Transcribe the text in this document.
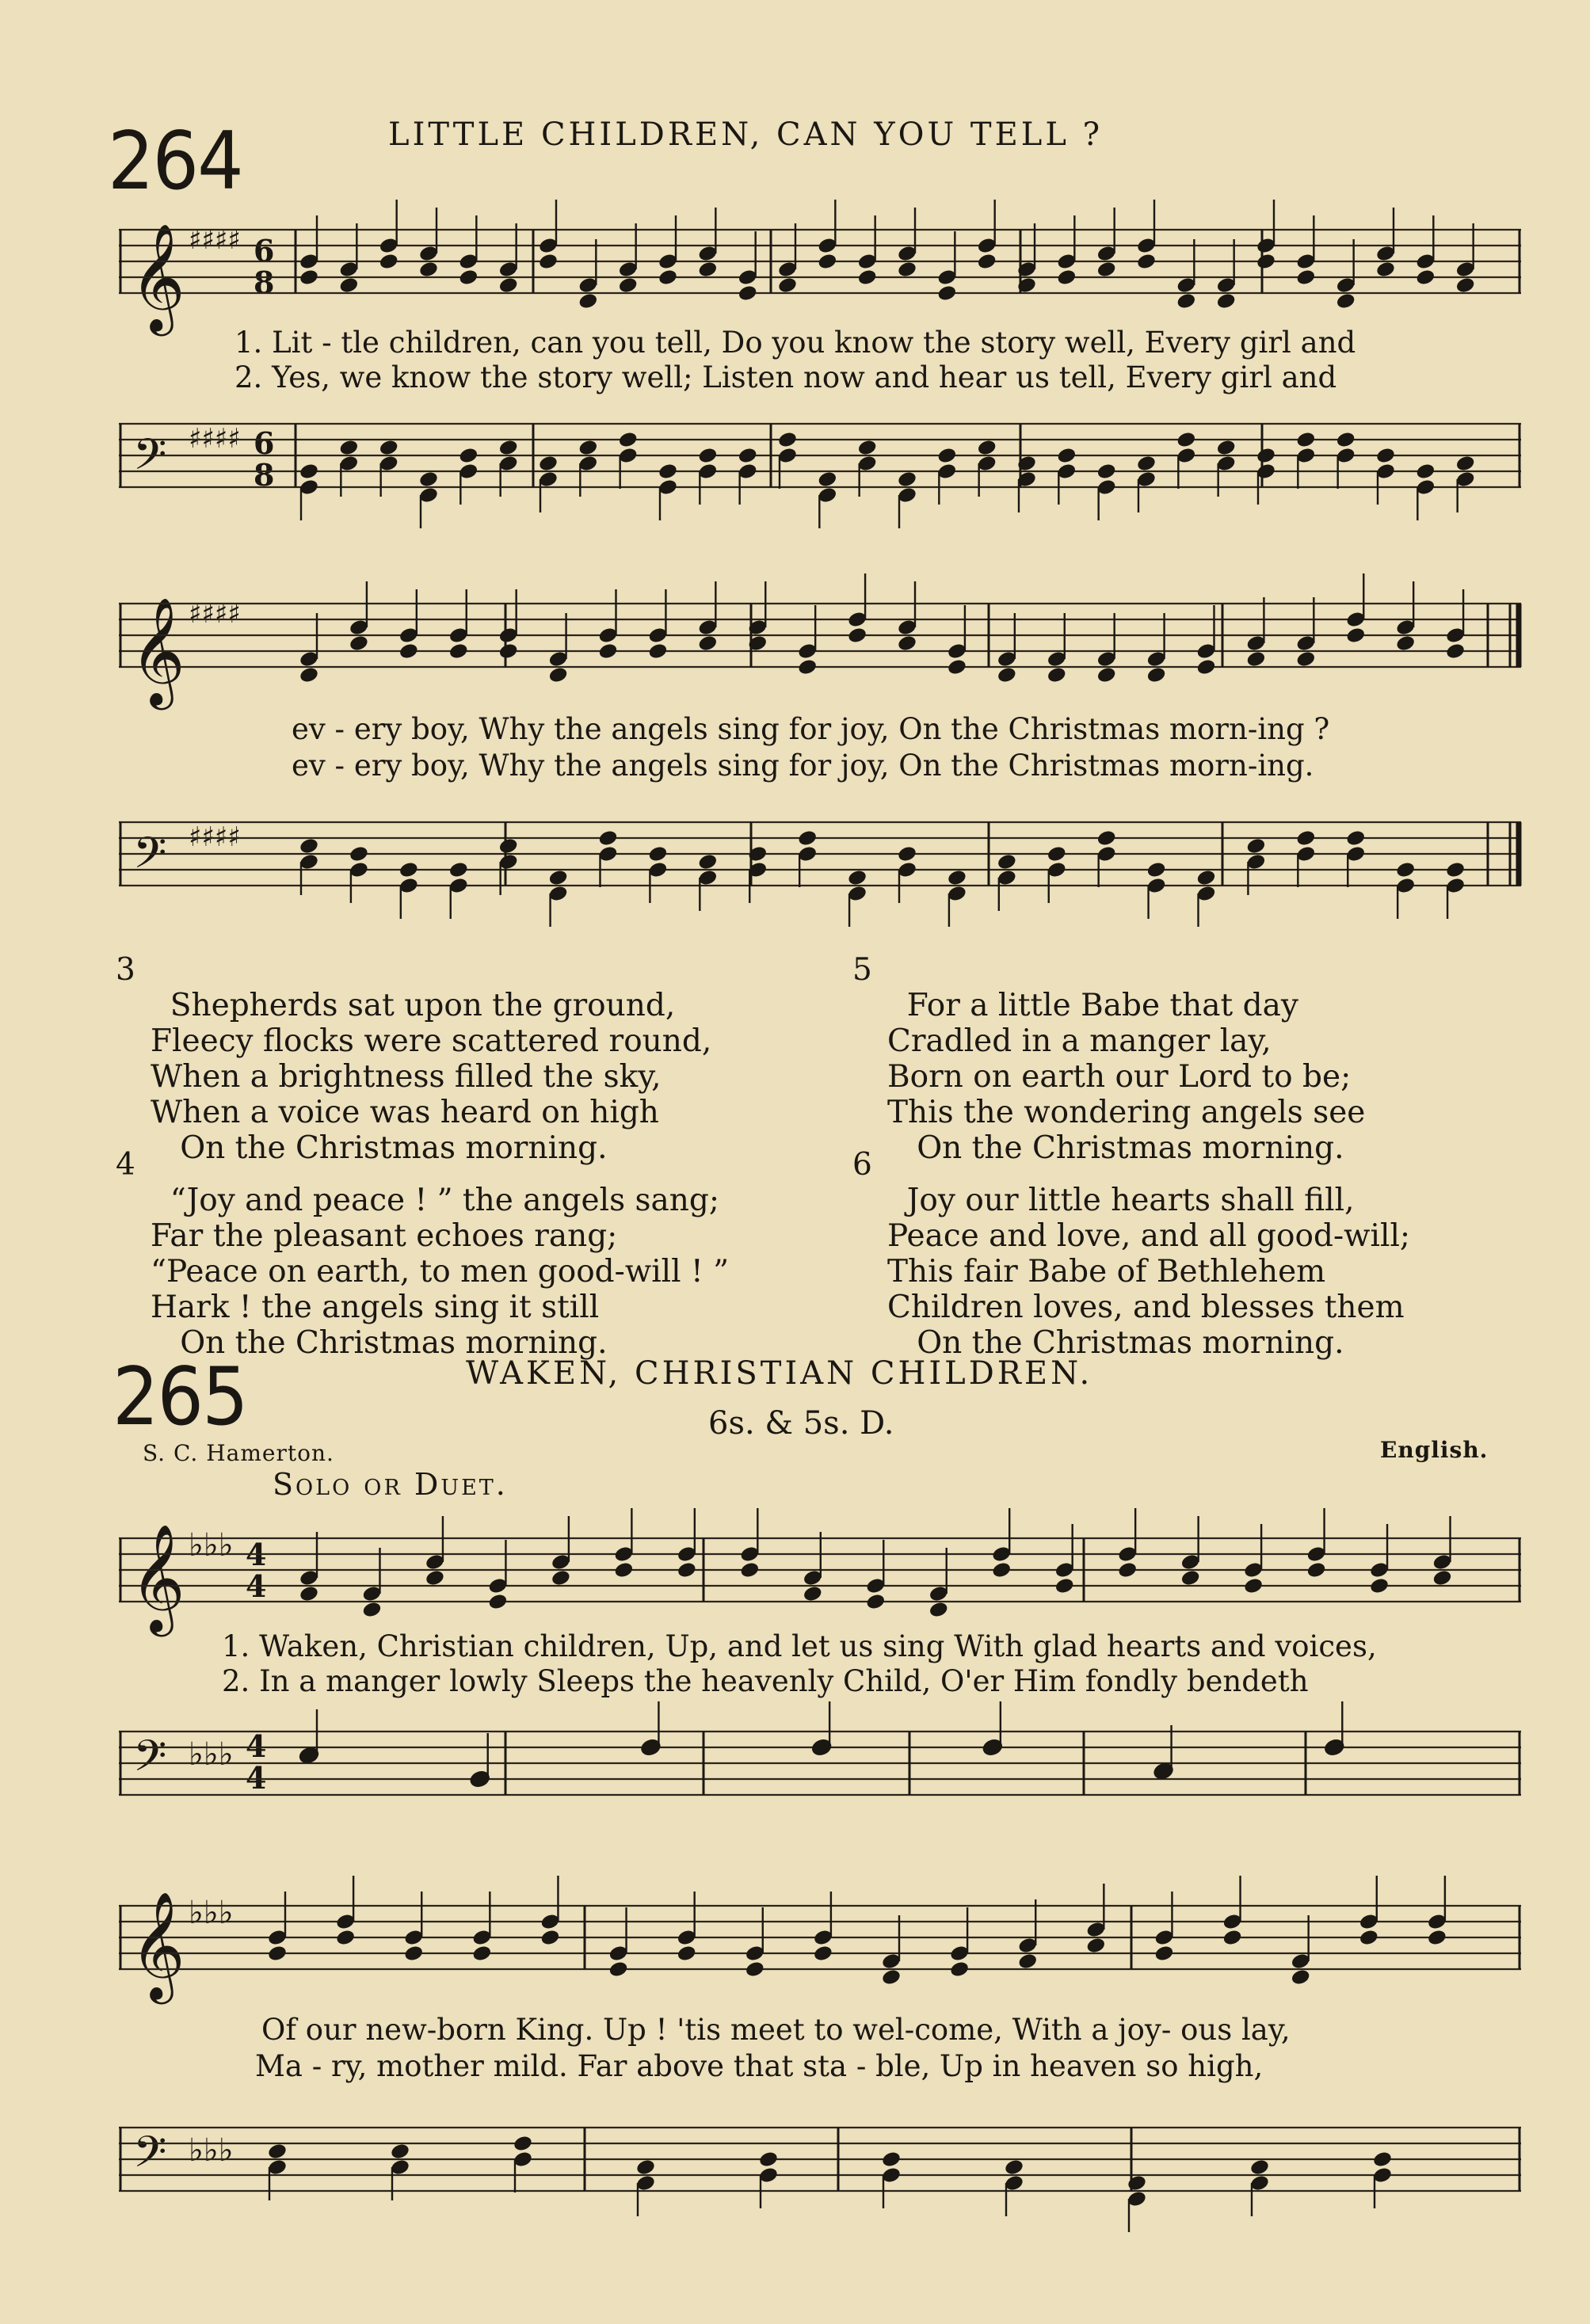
264	LITTLE CHILDREN, CAN YOU TELL ?
𝄞 ♯♯♯♯ 6
8
1. Lit - tle children, can you tell, Do you know the story well, Every girl and
2. Yes, we know the story well; Listen now and hear us tell, Every girl and
𝄢 ♯♯♯♯ 6
8
𝄞 ♯♯♯♯
ev - ery boy, Why the angels sing for joy, On the Christmas morn-ing ?
ev - ery boy, Why the angels sing for joy, On the Christmas morn-ing.
𝄢 ♯♯♯♯

3
Shepherds sat upon the ground,
Fleecy flocks were scattered round,
When a brightness filled the sky,
When a voice was heard on high
On the Christmas morning.

4
“Joy and peace ! ” the angels sang;
Far the pleasant echoes rang;
“Peace on earth, to men good-will ! ”
Hark ! the angels sing it still
On the Christmas morning.

5
For a little Babe that day
Cradled in a manger lay,
Born on earth our Lord to be;
This the wondering angels see
On the Christmas morning.

6
Joy our little hearts shall fill,
Peace and love, and all good-will;
This fair Babe of Bethlehem
Children loves, and blesses them
On the Christmas morning.

265	WAKEN, CHRISTIAN CHILDREN.
6s. & 5s. D.
S. C. Hamerton.	English.
Solo or Duet.
𝄞 ♭♭♭ 4
4
1. Waken, Christian children, Up, and let us sing With glad hearts and voices,
2. In a manger lowly Sleeps the heavenly Child, O'er Him fondly bendeth
𝄢 ♭♭♭ 4
4
𝄞 ♭♭♭
Of our new-born King. Up ! 'tis meet to wel-come, With a joy- ous lay,
Ma - ry, mother mild. Far above that sta - ble, Up in heaven so high,
𝄢 ♭♭♭
